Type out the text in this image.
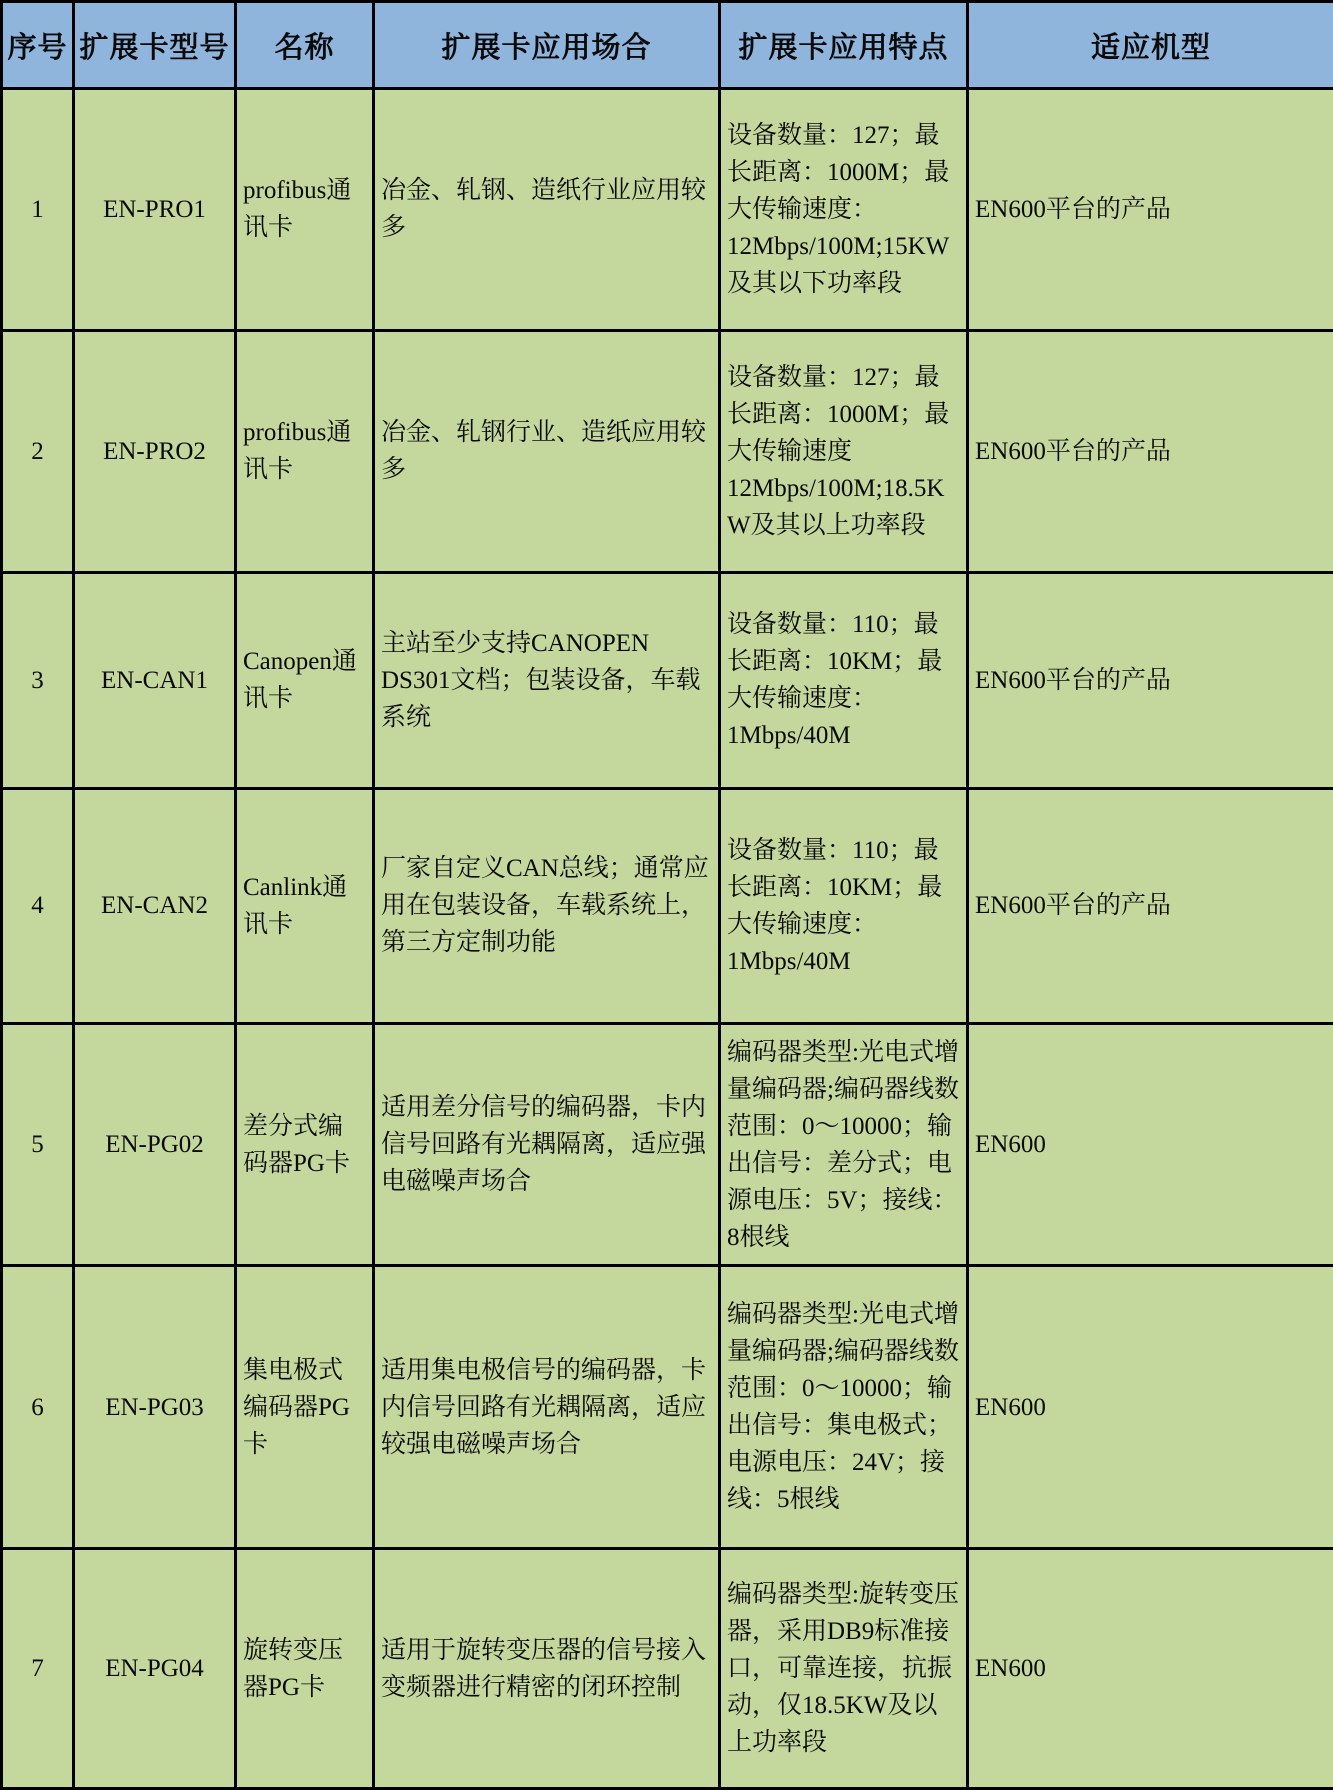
序号	扩展卡型号	名称	扩展卡应用场合	扩展卡应用特点	适应机型
1	EN-PRO1	profibus通讯卡	冶金、轧钢、造纸行业应用较多	设备数量：127；最长距离：1000M；最大传输速度：12Mbps/100M;15KW及其以下功率段	EN600平台的产品
2	EN-PRO2	profibus通讯卡	冶金、轧钢行业、造纸应用较多	设备数量：127；最长距离：1000M；最大传输速度 12Mbps/100M;18.5KW及其以上功率段	EN600平台的产品
3	EN-CAN1	Canopen通讯卡	主站至少支持CANOPEN DS301文档；包装设备，车载系统	设备数量：110；最长距离：10KM；最大传输速度：1Mbps/40M	EN600平台的产品
4	EN-CAN2	Canlink通讯卡	厂家自定义CAN总线；通常应用在包装设备，车载系统上，第三方定制功能	设备数量：110；最长距离：10KM；最大传输速度：1Mbps/40M	EN600平台的产品
5	EN-PG02	差分式编码器PG卡	适用差分信号的编码器，卡内信号回路有光耦隔离，适应强电磁噪声场合	编码器类型:光电式增量编码器;编码器线数范围：0～10000；输出信号：差分式；电源电压：5V；接线：8根线	EN600
6	EN-PG03	集电极式编码器PG卡	适用集电极信号的编码器，卡内信号回路有光耦隔离，适应较强电磁噪声场合	编码器类型:光电式增量编码器;编码器线数范围：0～10000；输出信号：集电极式；电源电压：24V；接线：5根线	EN600
7	EN-PG04	旋转变压器PG卡	适用于旋转变压器的信号接入变频器进行精密的闭环控制	编码器类型:旋转变压器，采用DB9标准接口，可靠连接，抗振动，仅18.5KW及以上功率段	EN600
